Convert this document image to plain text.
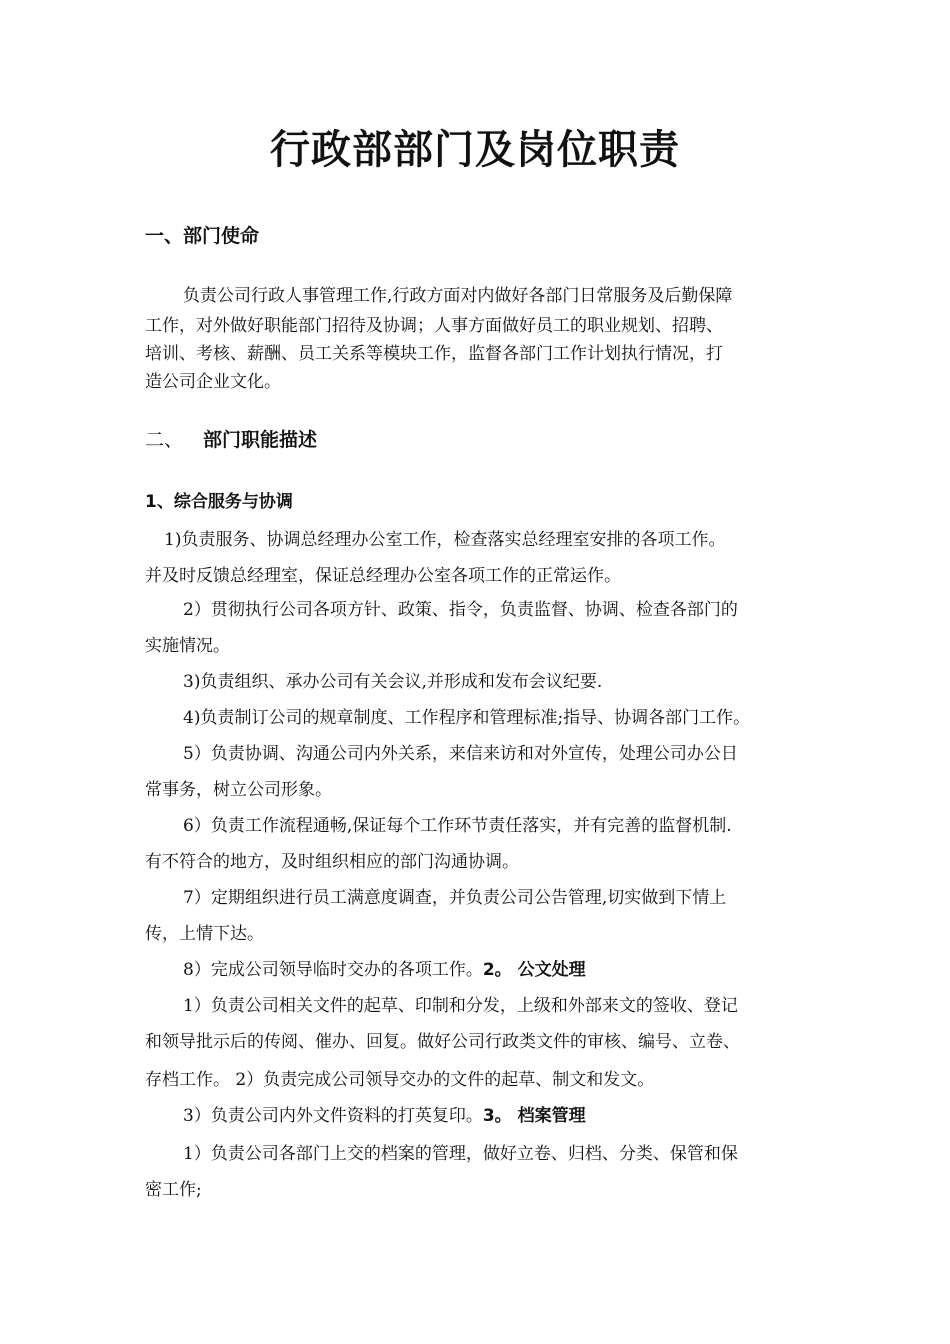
行政部部门及岗位职责
一、部门使命
负责公司行政人事管理工作,行政方面对内做好各部门日常服务及后勤保障
工作，对外做好职能部门招待及协调；人事方面做好员工的职业规划、招聘、
培训、考核、薪酬、员工关系等模块工作，监督各部门工作计划执行情况，打
造公司企业文化。
二、 部门职能描述
1、综合服务与协调
1)负责服务、协调总经理办公室工作，检查落实总经理室安排的各项工作。
并及时反馈总经理室，保证总经理办公室各项工作的正常运作。
2）贯彻执行公司各项方针、政策、指令，负责监督、协调、检查各部门的
实施情况。
3)负责组织、承办公司有关会议,并形成和发布会议纪要.
4)负责制订公司的规章制度、工作程序和管理标准;指导、协调各部门工作。
5）负责协调、沟通公司内外关系，来信来访和对外宣传，处理公司办公日
常事务，树立公司形象。
6）负责工作流程通畅,保证每个工作环节责任落实，并有完善的监督机制.
有不符合的地方，及时组织相应的部门沟通协调。
7）定期组织进行员工满意度调查，并负责公司公告管理,切实做到下情上
传，上情下达。
8）完成公司领导临时交办的各项工作。2。 公文处理
1）负责公司相关文件的起草、印制和分发，上级和外部来文的签收、登记
和领导批示后的传阅、催办、回复。做好公司行政类文件的审核、编号、立卷、
存档工作。 2）负责完成公司领导交办的文件的起草、制文和发文。
3）负责公司内外文件资料的打英复印。3。 档案管理
1）负责公司各部门上交的档案的管理，做好立卷、归档、分类、保管和保
密工作;
